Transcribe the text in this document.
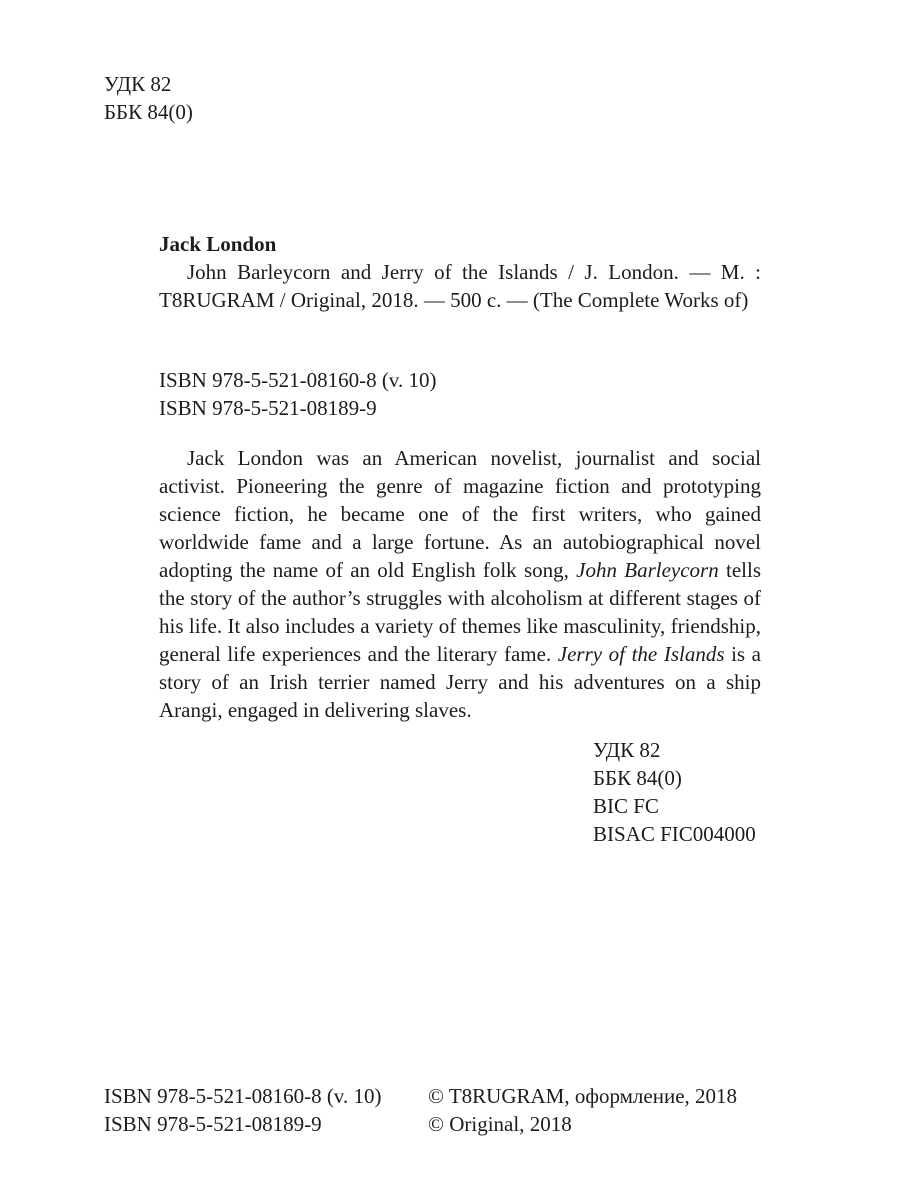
УДК 82
ББК 84(0)
Jack London
John Barleycorn and Jerry of the Islands / J. London. — M. : T8RUGRAM / Original, 2018. — 500 с. — (The Complete Works of)
ISBN 978-5-521-08160-8 (v. 10)
ISBN 978-5-521-08189-9
Jack London was an American novelist, journalist and social activist. Pioneering the genre of magazine fiction and prototyping science fiction, he became one of the first writers, who gained worldwide fame and a large fortune. As an autobiographical novel adopting the name of an old English folk song, John Barleycorn tells the story of the author’s struggles with alcoholism at different stages of his life. It also includes a variety of themes like masculinity, friendship, general life experiences and the literary fame. Jerry of the Islands is a story of an Irish terrier named Jerry and his adventures on a ship Arangi, engaged in delivering slaves.
УДК 82
ББК 84(0)
BIC FC
BISAC FIC004000
ISBN 978-5-521-08160-8 (v. 10)
ISBN 978-5-521-08189-9
© T8RUGRAM, оформление, 2018
© Original, 2018
